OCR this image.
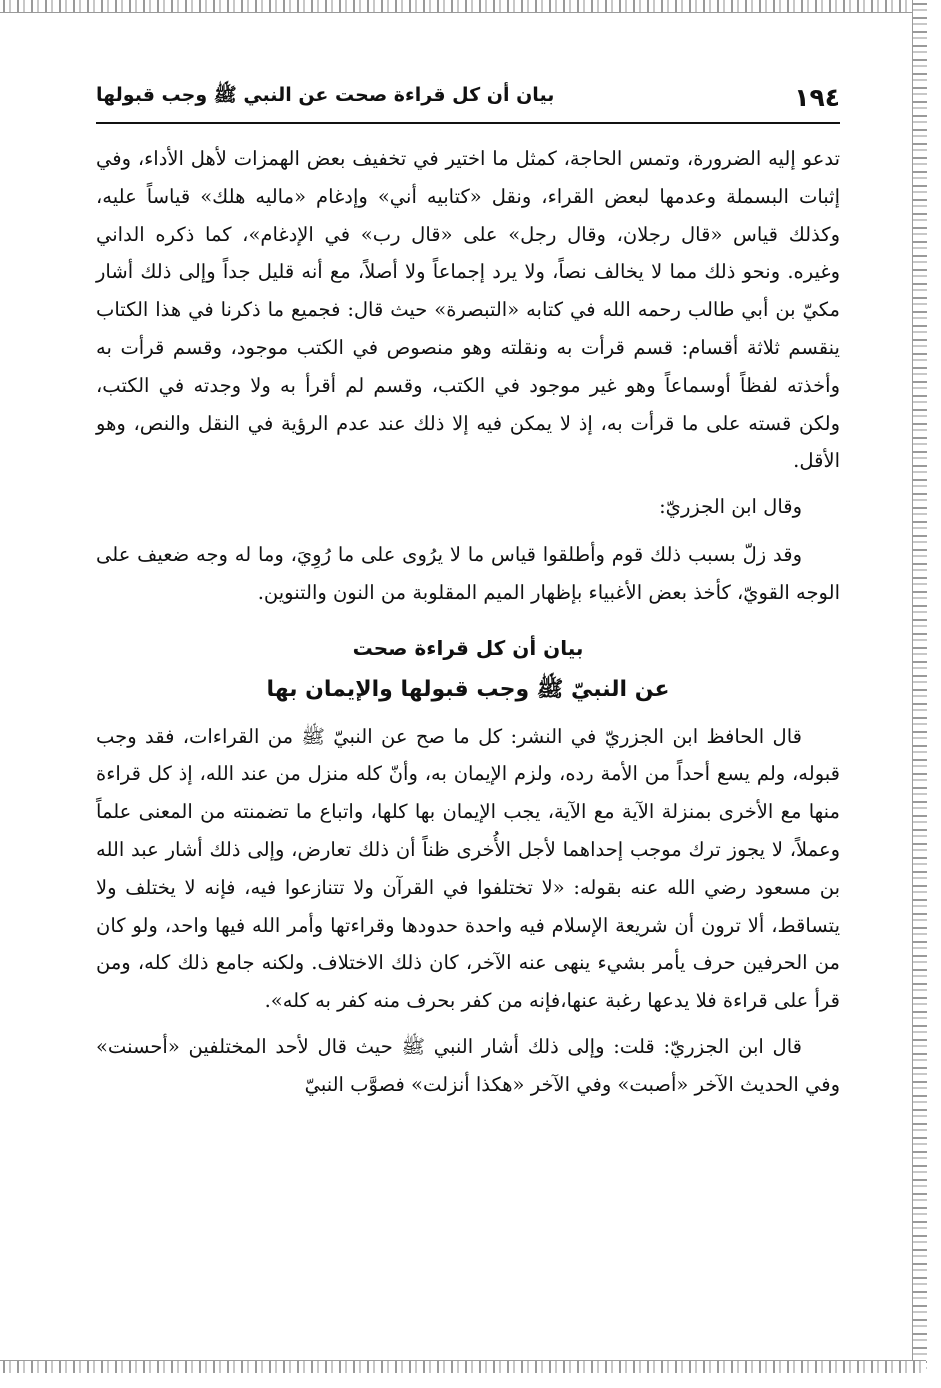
١٩٤
بيان أن كل قراءة صحت عن النبي ﷺ وجب قبولها

تدعو إليه الضرورة، وتمس الحاجة، كمثل ما اختير في تخفيف بعض الهمزات لأهل الأداء، وفي إثبات البسملة وعدمها لبعض القراء، ونقل «كتابيه أني» وإدغام «ماليه هلك» قياساً عليه، وكذلك قياس «قال رجلان، وقال رجل» على «قال رب» في الإدغام»، كما ذكره الداني وغيره. ونحو ذلك مما لا يخالف نصاً، ولا يرد إجماعاً ولا أصلاً، مع أنه قليل جداً وإلى ذلك أشار مكيّ بن أبي طالب رحمه الله في كتابه «التبصرة» حيث قال: فجميع ما ذكرنا في هذا الكتاب ينقسم ثلاثة أقسام: قسم قرأت به ونقلته وهو منصوص في الكتب موجود، وقسم قرأت به وأخذته لفظاً أوسماعاً وهو غير موجود في الكتب، وقسم لم أقرأ به ولا وجدته في الكتب، ولكن قسته على ما قرأت به، إذ لا يمكن فيه إلا ذلك عند عدم الرؤية في النقل والنص، وهو الأقل.

وقال ابن الجزريّ:

وقد زلّ بسبب ذلك قوم وأطلقوا قياس ما لا يرُوى على ما رُوِيَ، وما له وجه ضعيف على الوجه القويّ، كأخذ بعض الأغبياء بإظهار الميم المقلوبة من النون والتنوين.

بيان أن كل قراءة صحت
عن النبيّ ﷺ وجب قبولها والإيمان بها

قال الحافظ ابن الجزريّ في النشر: كل ما صح عن النبيّ ﷺ من القراءات، فقد وجب قبوله، ولم يسع أحداً من الأمة رده، ولزم الإيمان به، وأنّ كله منزل من عند الله، إذ كل قراءة منها مع الأخرى بمنزلة الآية مع الآية، يجب الإيمان بها كلها، واتباع ما تضمنته من المعنى علماً وعملاً، لا يجوز ترك موجب إحداهما لأجل الأُخرى ظناً أن ذلك تعارض، وإلى ذلك أشار عبد الله بن مسعود رضي الله عنه بقوله: «لا تختلفوا في القرآن ولا تتنازعوا فيه، فإنه لا يختلف ولا يتساقط، ألا ترون أن شريعة الإسلام فيه واحدة حدودها وقراءتها وأمر الله فيها واحد، ولو كان من الحرفين حرف يأمر بشيء ينهى عنه الآخر، كان ذلك الاختلاف. ولكنه جامع ذلك كله، ومن قرأ على قراءة فلا يدعها رغبة عنها،فإنه من كفر بحرف منه كفر به كله».

قال ابن الجزريّ: قلت: وإلى ذلك أشار النبي ﷺ حيث قال لأحد المختلفين «أحسنت» وفي الحديث الآخر «أصبت» وفي الآخر «هكذا أنزلت» فصوَّب النبيّ
